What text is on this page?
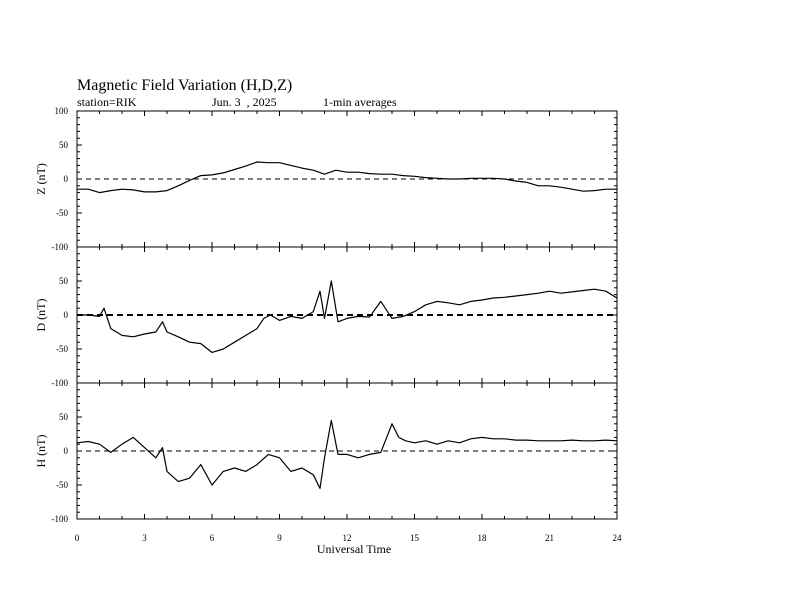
Magnetic Field Variation (H,D,Z)
station=RIK	Jun. 3  , 2025	1-min averages
100
50
0
-50
-100
Z (nT)
50
0
-50
-100
D (nT)
50
0
-50
-100
H (nT)
0	3	6	9	12	15	18	21	24
Universal Time
